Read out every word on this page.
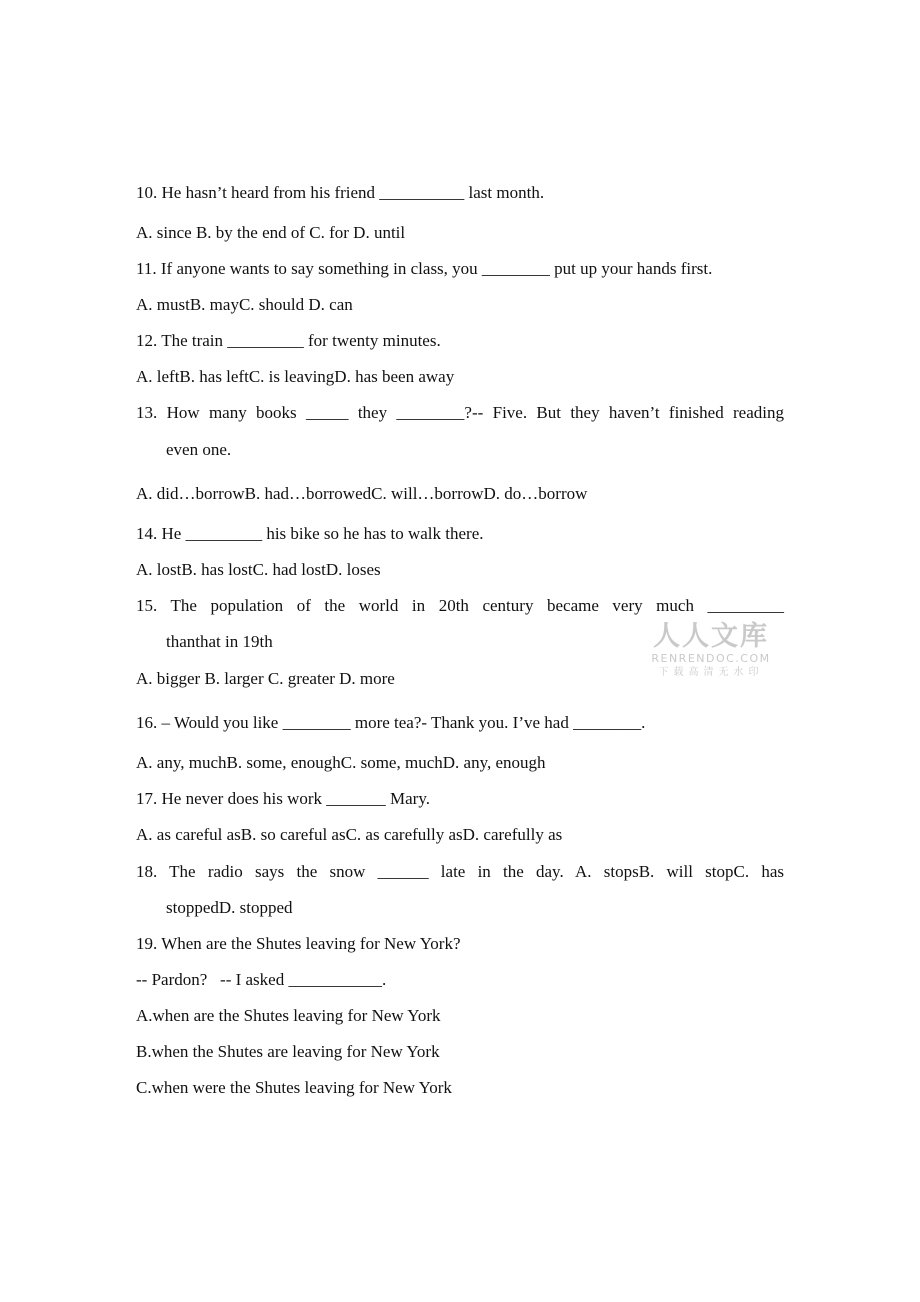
10. He hasn’t heard from his friend __________ last month.
A. since B. by the end of C. for D. until
11. If anyone wants to say something in class, you ________ put up your hands first.
A. mustB. mayC. should D. can
12. The train _________ for twenty minutes.
A. leftB. has leftC. is leavingD. has been away
13. How many books _____ they ________?-- Five. But they haven’t finished reading
even one.
A. did…borrowB. had…borrowedC. will…borrowD. do…borrow
14. He _________ his bike so he has to walk there.
A. lostB. has lostC. had lostD. loses
15. The population of the world in 20th century became very much _________
thanthat in 19th
A. bigger B. larger C. greater D. more
16. – Would you like ________ more tea?- Thank you. I’ve had ________.
A. any, muchB. some, enoughC. some, muchD. any, enough
17. He never does his work _______ Mary.
A. as careful asB. so careful asC. as carefully asD. carefully as
18. The radio says the snow ______ late in the day. A. stopsB. will stopC. has
stoppedD. stopped
19. When are the Shutes leaving for New York?
-- Pardon?   -- I asked ___________.
A.when are the Shutes leaving for New York
B.when the Shutes are leaving for New York
C.when were the Shutes leaving for New York
人人文库
RENRENDOC.COM
下载高清无水印
